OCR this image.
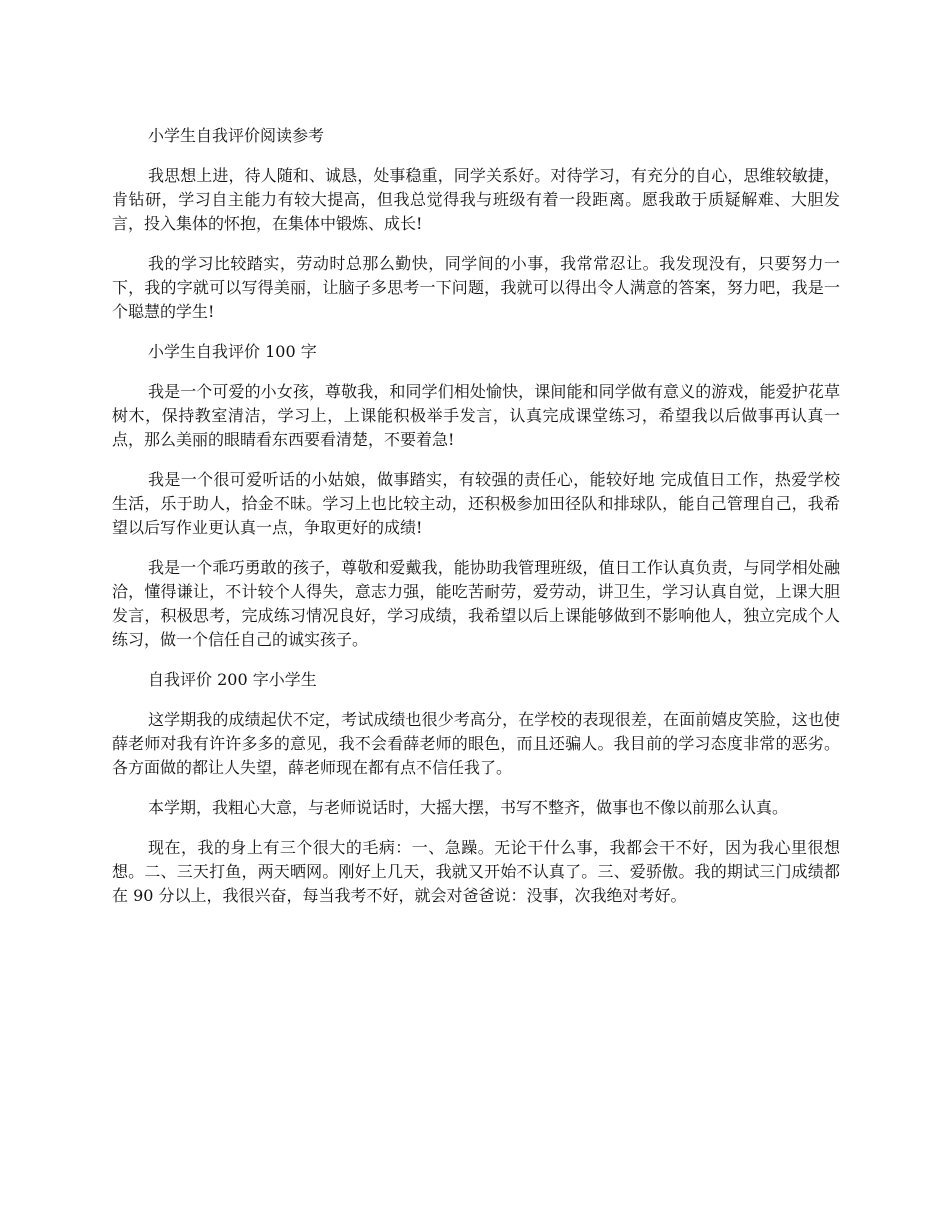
小学生自我评价阅读参考

我思想上进，待人随和、诚恳，处事稳重，同学关系好。对待学习，有充分的自心，思维较敏捷，肯钻研，学习自主能力有较大提高，但我总觉得我与班级有着一段距离。愿我敢于质疑解难、大胆发言，投入集体的怀抱，在集体中锻炼、成长!

我的学习比较踏实，劳动时总那么勤快，同学间的小事，我常常忍让。我发现没有，只要努力一下，我的字就可以写得美丽，让脑子多思考一下问题，我就可以得出令人满意的答案，努力吧，我是一个聪慧的学生!

小学生自我评价 100 字

我是一个可爱的小女孩，尊敬我，和同学们相处愉快，课间能和同学做有意义的游戏，能爱护花草树木，保持教室清洁，学习上，上课能积极举手发言，认真完成课堂练习，希望我以后做事再认真一点，那么美丽的眼睛看东西要看清楚，不要着急!

我是一个很可爱听话的小姑娘，做事踏实，有较强的责任心，能较好地 完成值日工作，热爱学校生活，乐于助人，拾金不昧。学习上也比较主动，还积极参加田径队和排球队，能自己管理自己，我希望以后写作业更认真一点，争取更好的成绩!

我是一个乖巧勇敢的孩子，尊敬和爱戴我，能协助我管理班级，值日工作认真负责，与同学相处融洽，懂得谦让，不计较个人得失，意志力强，能吃苦耐劳，爱劳动，讲卫生，学习认真自觉，上课大胆发言，积极思考，完成练习情况良好，学习成绩，我希望以后上课能够做到不影响他人，独立完成个人练习，做一个信任自己的诚实孩子。

自我评价 200 字小学生

这学期我的成绩起伏不定，考试成绩也很少考高分，在学校的表现很差，在面前嬉皮笑脸，这也使薛老师对我有许许多多的意见，我不会看薛老师的眼色，而且还骗人。我目前的学习态度非常的恶劣。各方面做的都让人失望，薛老师现在都有点不信任我了。

本学期，我粗心大意，与老师说话时，大摇大摆，书写不整齐，做事也不像以前那么认真。

现在，我的身上有三个很大的毛病：一、急躁。无论干什么事，我都会干不好，因为我心里很想想。二、三天打鱼，两天晒网。刚好上几天，我就又开始不认真了。三、爱骄傲。我的期试三门成绩都在 90 分以上，我很兴奋，每当我考不好，就会对爸爸说：没事，次我绝对考好。
